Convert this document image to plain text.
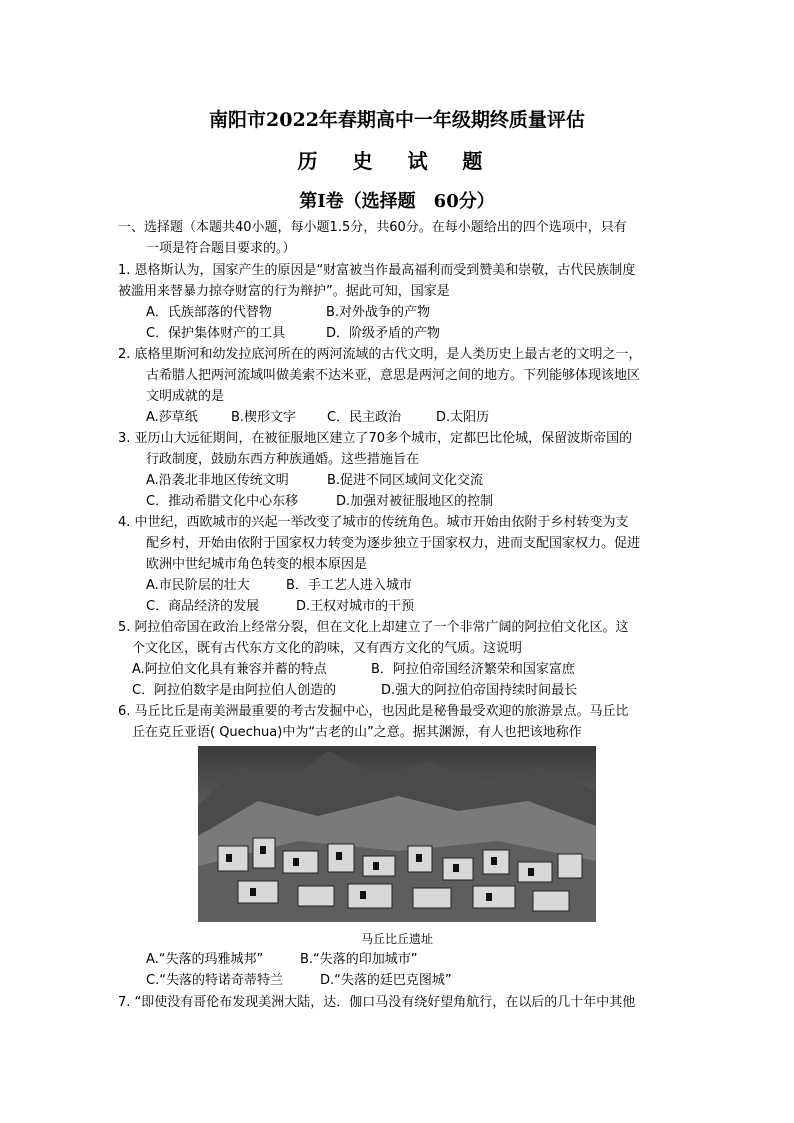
南阳市2022年春期高中一年级期终质量评估
历 史 试 题
第Ⅰ卷（选择题　60分）
一、选择题（本题共40小题，每小题1.5分，共60分。在每小题给出的四个选项中，只有
一项是符合题目要求的。）
1. 恩格斯认为，国家产生的原因是“财富被当作最高福利而受到赞美和崇敬，古代民族制度
被滥用来替暴力掠夺财富的行为辩护”。据此可知，国家是
A．氏族部落的代替物	B.对外战争的产物
C．保护集体财产的工具	D．阶级矛盾的产物
2. 底格里斯河和幼发拉底河所在的两河流域的古代文明，是人类历史上最古老的文明之一，
古希腊人把两河流域叫做美索不达米亚，意思是两河之间的地方。下列能够体现该地区
文明成就的是
A.莎草纸	B.楔形文字 C．民主政治	D.太阳历
3. 亚历山大远征期间，在被征服地区建立了70多个城市，定都巴比伦城，保留波斯帝国的
行政制度，鼓励东西方种族通婚。这些措施旨在
A.沿袭北非地区传统文明	B.促进不同区域间文化交流
C．推动希腊文化中心东移	D.加强对被征服地区的控制
4. 中世纪，西欧城市的兴起一举改变了城市的传统角色。城市开始由依附于乡村转变为支
配乡村，开始由依附于国家权力转变为逐步独立于国家权力，进而支配国家权力。促进
欧洲中世纪城市角色转变的根本原因是
A.市民阶层的壮大	B．手工艺人进入城市
C．商品经济的发展	D.王权对城市的干预
5. 阿拉伯帝国在政治上经常分裂，但在文化上却建立了一个非常广阔的阿拉伯文化区。这
个文化区，既有古代东方文化的韵味，又有西方文化的气质。这说明
A.阿拉伯文化具有兼容并蓄的特点	B．阿拉伯帝国经济繁荣和国家富庶
C．阿拉伯数字是由阿拉伯人创造的	D.强大的阿拉伯帝国持续时间最长
6. 马丘比丘是南美洲最重要的考古发掘中心，也因此是秘鲁最受欢迎的旅游景点。马丘比
丘在克丘亚语( Quechua)中为“古老的山”之意。据其渊源，有人也把该地称作
马丘比丘遗址
A.“失落的玛雅城邦”	B.“失落的印加城市”
C.“失落的特诺奇蒂特兰	D.“失落的廷巴克图城”
7. “即使没有哥伦布发现美洲大陆，达．伽口马没有绕好望角航行，在以后的几十年中其他
